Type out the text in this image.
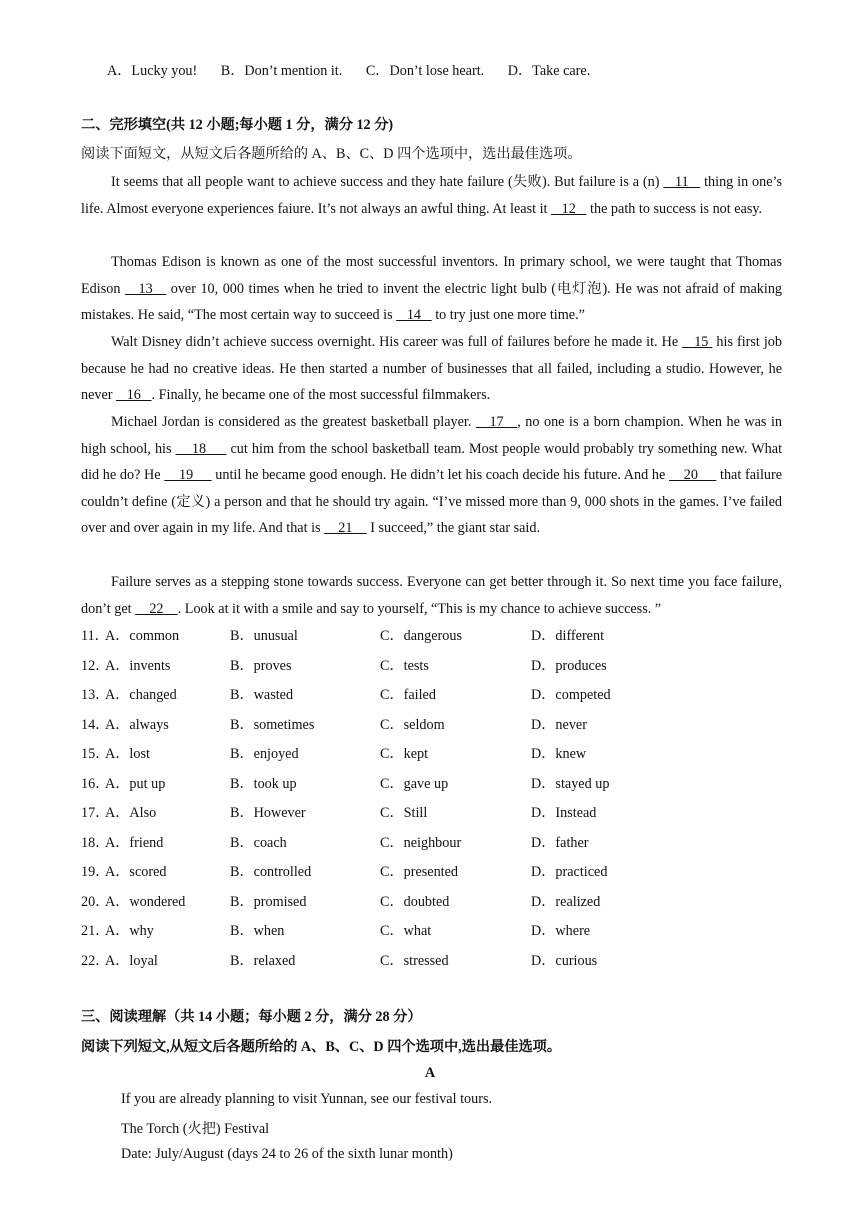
A．Lucky you! B．Don’t mention it. C．Don’t lose heart. D．Take care.
二、完形填空(共 12 小题;每小题 1 分，满分 12 分)
阅读下面短文，从短文后各题所给的 A、B、C、D 四个选项中，选出最佳选项。
It seems that all people want to achieve success and they hate failure (失败). But failure is a (n)    11    thing in one’s life. Almost everyone experiences faiure. It’s not always an awful thing. At least it    12    the path to success is not easy.
Thomas Edison is known as one of the most successful inventors. In primary school, we were taught that Thomas Edison    13    over 10, 000 times when he tried to invent the electric light bulb (电灯泡). He was not afraid of making mistakes. He said, “The most certain way to succeed is    14    to try just one more time.”
Walt Disney didn’t achieve success overnight. His career was full of failures before he made it. He    15  his first job because he had no creative ideas. He then started a number of businesses that all failed, including a studio. However, he never    16   . Finally, he became one of the most successful filmmakers.
Michael Jordan is considered as the greatest basketball player.    17   , no one is a born champion. When he was in high school, his     18      cut him from the school basketball team. Most people would probably try something new. What did he do? He     19      until he became good enough. He didn’t let his coach decide his future. And he     20      that failure couldn’t define (定义) a person and that he should try again. “I’ve missed more than 9, 000 shots in the games. I’ve failed over and over again in my life. And that is     21     I succeed,” the giant star said.
Failure serves as a stepping stone towards success. Everyone can get better through it. So next time you face failure, don’t get     22    . Look at it with a smile and say to yourself, “This is my chance to achieve success. ”
11．
A．common	B．unusual	C．dangerous	D．different
12．
A．invents	B．proves	C．tests	D．produces
13．
A．changed	B．wasted	C．failed	D．competed
14．
A．always	B．sometimes	C．seldom	D．never
15．
A．lost	B．enjoyed	C．kept	D．knew
16．
A．put up	B．took up	C．gave up	D．stayed up
17．
A．Also	B．However	C．Still	D．Instead
18．
A．friend	B．coach	C．neighbour	D．father
19．
A．scored	B．controlled	C．presented	D．practiced
20．
A．wondered	B．promised	C．doubted	D．realized
21．
A．why	B．when	C．what	D．where
22．
A．loyal	B．relaxed	C．stressed	D．curious
三、阅读理解（共 14 小题；每小题 2 分，满分 28 分）
阅读下列短文,从短文后各题所给的 A、B、C、D 四个选项中,选出最佳选项。
A
If you are already planning to visit Yunnan, see our festival tours.
The Torch (火把) Festival
Date: July/August (days 24 to 26 of the sixth lunar month)
